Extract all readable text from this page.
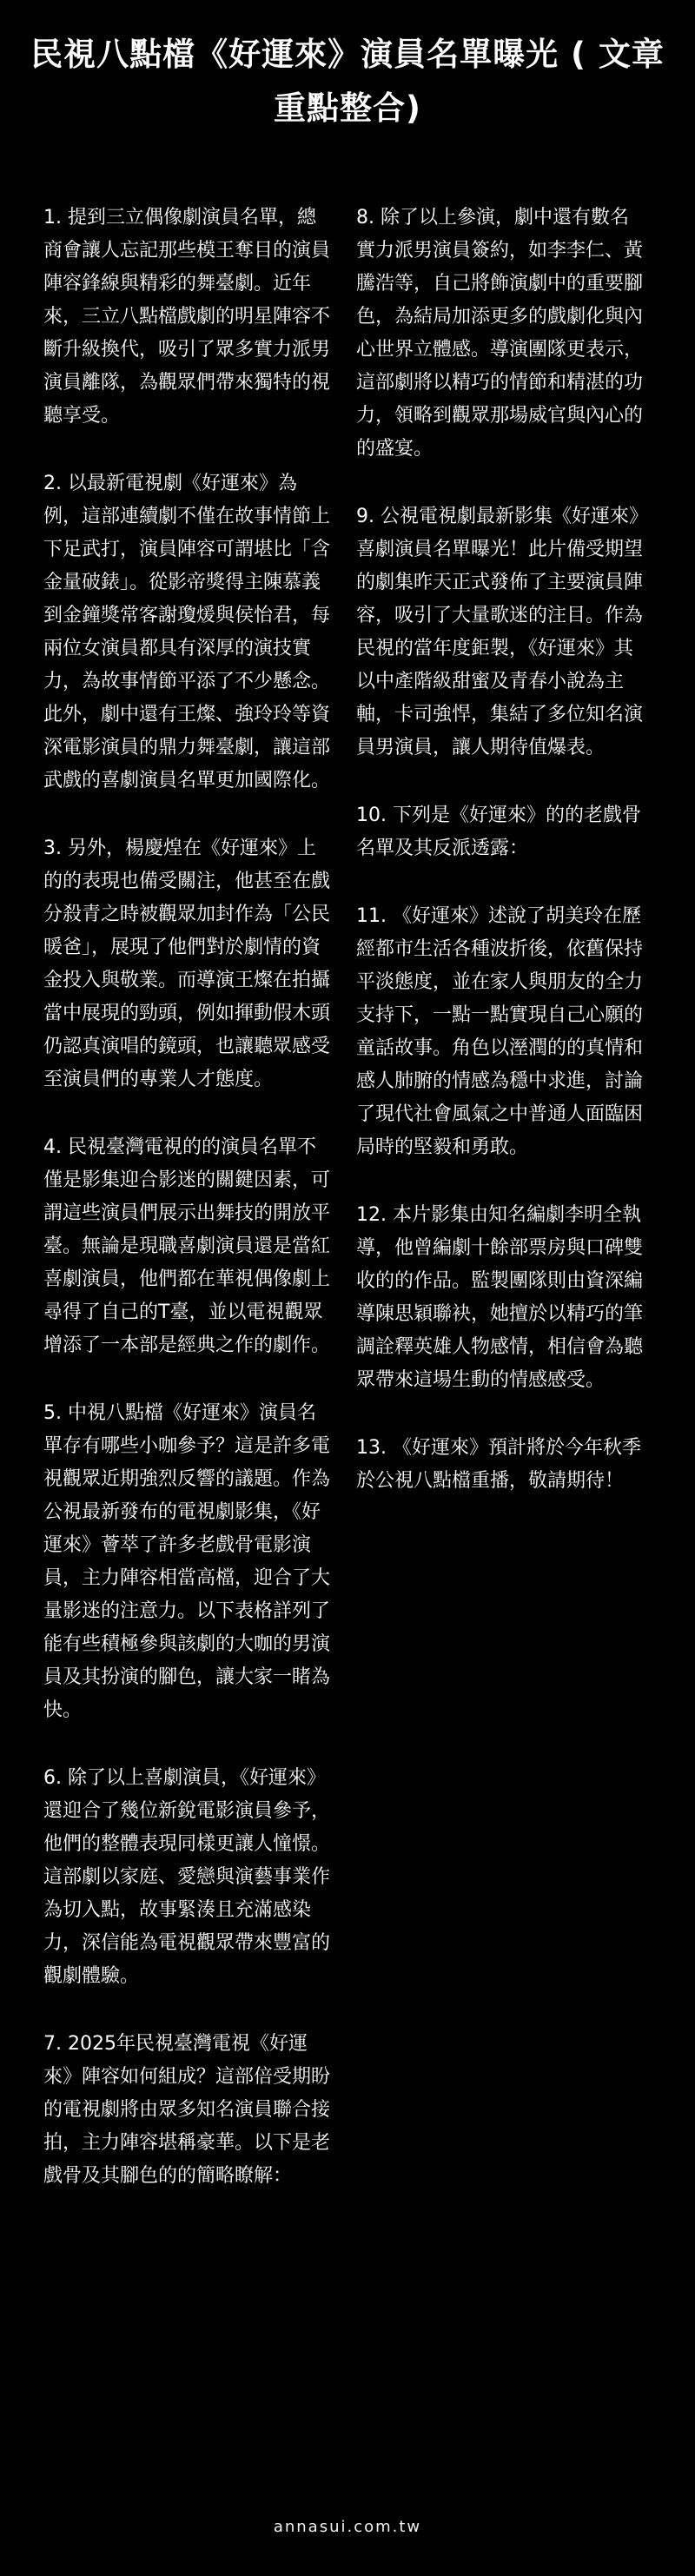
民視八點檔《好運來》演員名單曝光 ( 文章重點整合)

1. 提到三立偶像劇演員名單，總商會讓人忘記那些模王奪目的演員陣容鋒線與精彩的舞臺劇。近年來，三立八點檔戲劇的明星陣容不斷升級換代，吸引了眾多實力派男演員離隊，為觀眾們帶來獨特的視聽享受。

2. 以最新電視劇《好運來》為例，這部連續劇不僅在故事情節上下足武打，演員陣容可謂堪比「含金量破錶」。從影帝獎得主陳慕義到金鐘獎常客謝瓊煖與侯怡君，每兩位女演員都具有深厚的演技實力，為故事情節平添了不少懸念。此外，劇中還有王燦、強玲玲等資深電影演員的鼎力舞臺劇，讓這部武戲的喜劇演員名單更加國際化。

3. 另外，楊慶煌在《好運來》上的的表現也備受關注，他甚至在戲分殺青之時被觀眾加封作為「公民暖爸」，展現了他們對於劇情的資金投入與敬業。而導演王燦在拍攝當中展現的勁頭，例如揮動假木頭仍認真演唱的鏡頭，也讓聽眾感受至演員們的專業人才態度。

4. 民視臺灣電視的的演員名單不僅是影集迎合影迷的關鍵因素，可謂這些演員們展示出舞技的開放平臺。無論是現職喜劇演員還是當紅喜劇演員，他們都在華視偶像劇上尋得了自己的T臺，並以電視觀眾增添了一本部是經典之作的劇作。

5. 中視八點檔《好運來》演員名單存有哪些小咖參予？這是許多電視觀眾近期強烈反響的議題。作為公視最新發布的電視劇影集，《好運來》薈萃了許多老戲骨電影演員，主力陣容相當高檔，迎合了大量影迷的注意力。以下表格詳列了能有些積極參與該劇的大咖的男演員及其扮演的腳色，讓大家一睹為快。

6. 除了以上喜劇演員，《好運來》還迎合了幾位新銳電影演員參予，他們的整體表現同樣更讓人憧憬。這部劇以家庭、愛戀與演藝事業作為切入點，故事緊湊且充滿感染力，深信能為電視觀眾帶來豐富的觀劇體驗。

7. 2025年民視臺灣電視《好運來》陣容如何組成？這部倍受期盼的電視劇將由眾多知名演員聯合接拍，主力陣容堪稱豪華。以下是老戲骨及其腳色的的簡略瞭解：

8. 除了以上參演，劇中還有數名實力派男演員簽約，如李李仁、黃騰浩等，自己將飾演劇中的重要腳色，為結局加添更多的戲劇化與內心世界立體感。導演團隊更表示，這部劇將以精巧的情節和精湛的功力，領略到觀眾那場威官與內心的的盛宴。

9. 公視電視劇最新影集《好運來》喜劇演員名單曝光！此片備受期望的劇集昨天正式發佈了主要演員陣容，吸引了大量歌迷的注目。作為民視的當年度鉅製，《好運來》其以中產階級甜蜜及青春小說為主軸，卡司強悍，集結了多位知名演員男演員，讓人期待值爆表。

10. 下列是《好運來》的的老戲骨名單及其反派透露：

11. 《好運來》述說了胡美玲在歷經都市生活各種波折後，依舊保持平淡態度，並在家人與朋友的全力支持下，一點一點實現自己心願的童話故事。角色以溼潤的的真情和感人肺腑的情感為穩中求進，討論了現代社會風氣之中普通人面臨困局時的堅毅和勇敢。

12. 本片影集由知名編劇李明全執導，他曾編劇十餘部票房與口碑雙收的的作品。監製團隊則由資深編導陳思穎聯袂，她擅於以精巧的筆調詮釋英雄人物感情，相信會為聽眾帶來這場生動的情感感受。

13. 《好運來》預計將於今年秋季於公視八點檔重播，敬請期待！

annasui.com.tw
